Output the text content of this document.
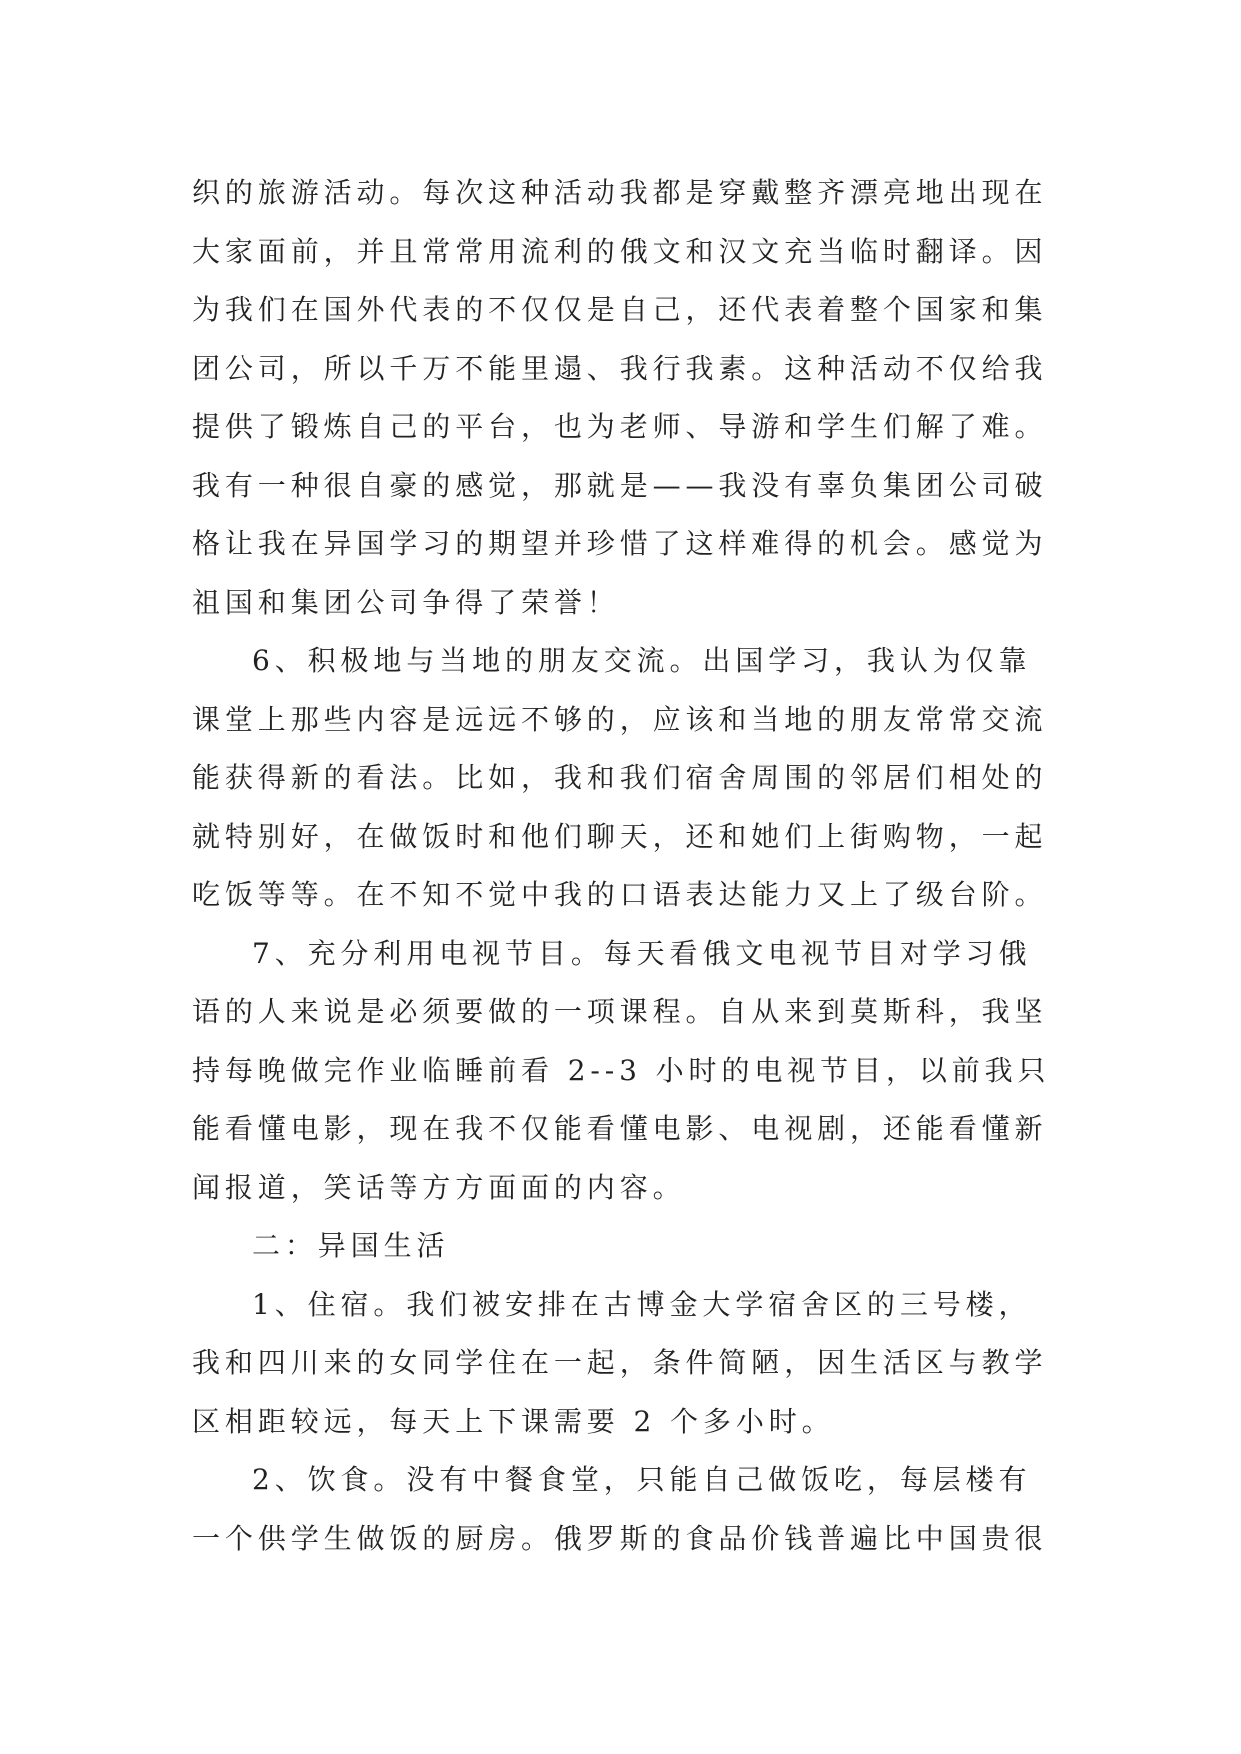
织的旅游活动。每次这种活动我都是穿戴整齐漂亮地出现在
大家面前，并且常常用流利的俄文和汉文充当临时翻译。因
为我们在国外代表的不仅仅是自己，还代表着整个国家和集
团公司，所以千万不能里遢、我行我素。这种活动不仅给我
提供了锻炼自己的平台，也为老师、导游和学生们解了难。
我有一种很自豪的感觉，那就是——我没有辜负集团公司破
格让我在异国学习的期望并珍惜了这样难得的机会。感觉为
祖国和集团公司争得了荣誉！
6、积极地与当地的朋友交流。出国学习，我认为仅靠
课堂上那些内容是远远不够的，应该和当地的朋友常常交流
能获得新的看法。比如，我和我们宿舍周围的邻居们相处的
就特别好，在做饭时和他们聊天，还和她们上街购物，一起
吃饭等等。在不知不觉中我的口语表达能力又上了级台阶。
7、充分利用电视节目。每天看俄文电视节目对学习俄
语的人来说是必须要做的一项课程。自从来到莫斯科，我坚
持每晚做完作业临睡前看 2--3 小时的电视节目，以前我只
能看懂电影，现在我不仅能看懂电影、电视剧，还能看懂新
闻报道，笑话等方方面面的内容。
二：异国生活
1、住宿。我们被安排在古博金大学宿舍区的三号楼，
我和四川来的女同学住在一起，条件简陋，因生活区与教学
区相距较远，每天上下课需要 2 个多小时。
2、饮食。没有中餐食堂，只能自己做饭吃，每层楼有
一个供学生做饭的厨房。俄罗斯的食品价钱普遍比中国贵很
